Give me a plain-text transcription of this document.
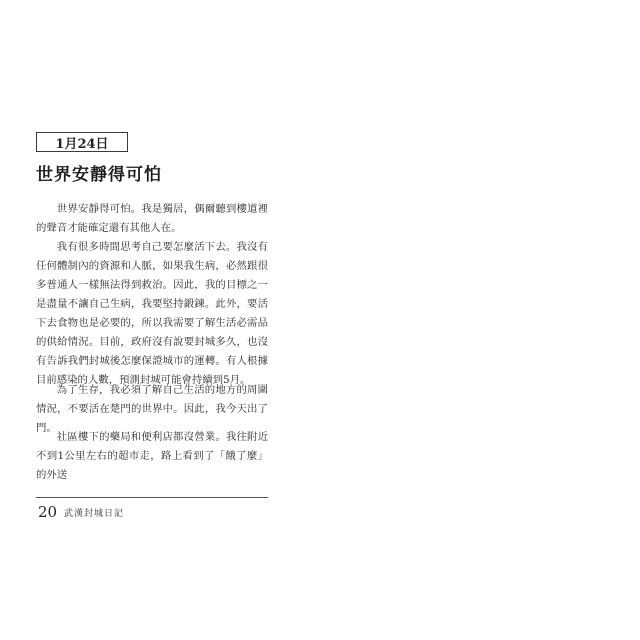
1月24日
世界安靜得可怕

世界安靜得可怕。我是獨居，偶爾聽到樓道裡的聲音才能確定還有其他人在。

我有很多時間思考自己要怎麼活下去。我沒有任何體制內的資源和人脈，如果我生病，必然跟很多普通人一樣無法得到救治。因此，我的目標之一是盡量不讓自己生病，我要堅持鍛鍊。此外，要活下去食物也是必要的，所以我需要了解生活必需品的供給情況。目前，政府沒有說要封城多久，也沒有告訴我們封城後怎麼保證城市的運轉。有人根據目前感染的人數，預測封城可能會持續到5月。

為了生存，我必須了解自己生活的地方的周圍情況，不要活在楚門的世界中。因此，我今天出了門。

社區樓下的藥局和便利店都沒營業。我往附近不到1公里左右的超市走，路上看到了「餓了麼」的外送

20 武漢封城日記
